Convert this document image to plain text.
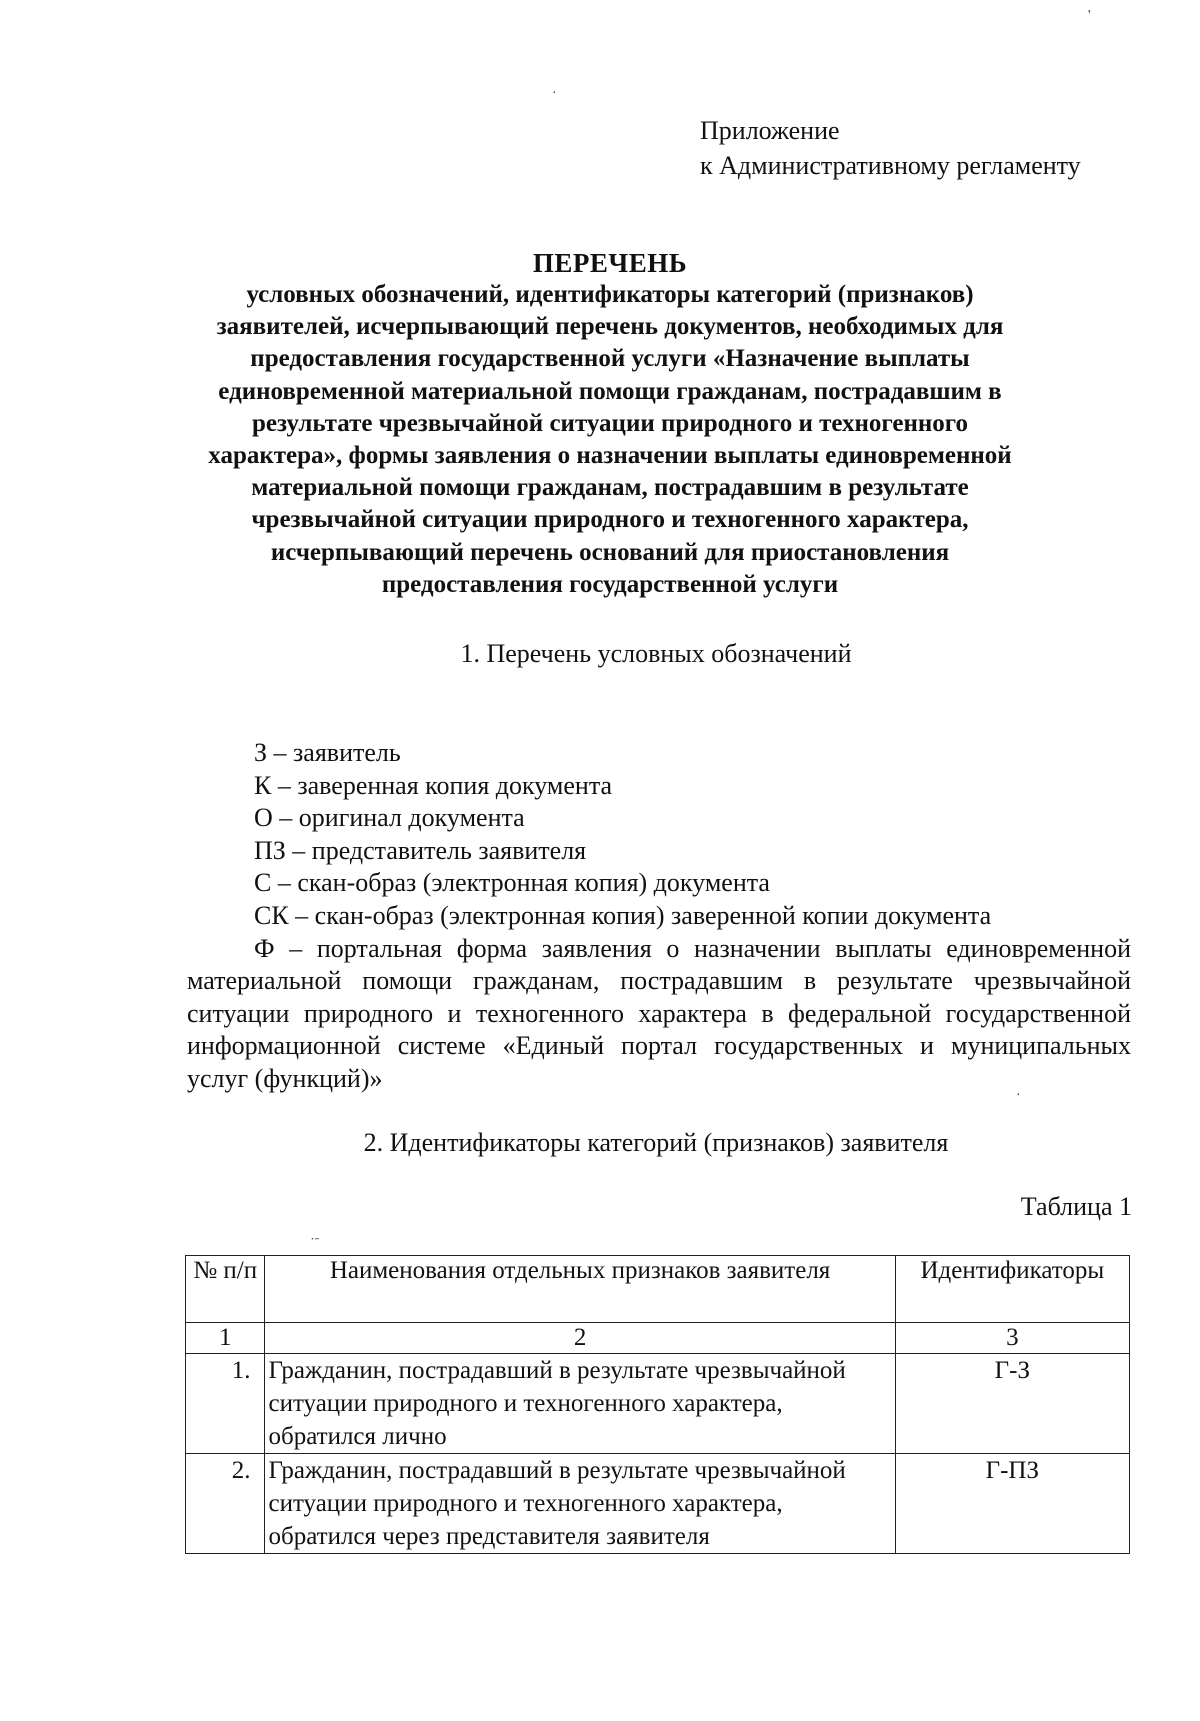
·
'
·
˙ˉ
Приложение
к Административному регламенту
ПЕРЕЧЕНЬ
условных обозначений, идентификаторы категорий (признаков)
заявителей, исчерпывающий перечень документов, необходимых для
предоставления государственной услуги «Назначение выплаты
единовременной материальной помощи гражданам, пострадавшим в
результате чрезвычайной ситуации природного и техногенного
характера», формы заявления о назначении выплаты единовременной
материальной помощи гражданам, пострадавшим в результате
чрезвычайной ситуации природного и техногенного характера,
исчерпывающий перечень оснований для приостановления
предоставления государственной услуги
1. Перечень условных обозначений
З – заявитель
К – заверенная копия документа
О – оригинал документа
ПЗ – представитель заявителя
С – скан-образ (электронная копия) документа
СК – скан-образ (электронная копия) заверенной копии документа
Ф – портальная форма заявления о назначении выплаты единовременной материальной помощи гражданам, пострадавшим в результате чрезвычайной ситуации природного и техногенного характера в федеральной государственной информационной системе «Единый портал государственных и муниципальных услуг (функций)»
2. Идентификаторы категорий (признаков) заявителя
Таблица 1
№ п/п	Наименования отдельных признаков заявителя	Идентификаторы
1	2	3
1.	Гражданин, пострадавший в результате чрезвычайной ситуации природного и техногенного характера, обратился лично	Г-З
2.	Гражданин, пострадавший в результате чрезвычайной ситуации природного и техногенного характера, обратился через представителя заявителя	Г-ПЗ
